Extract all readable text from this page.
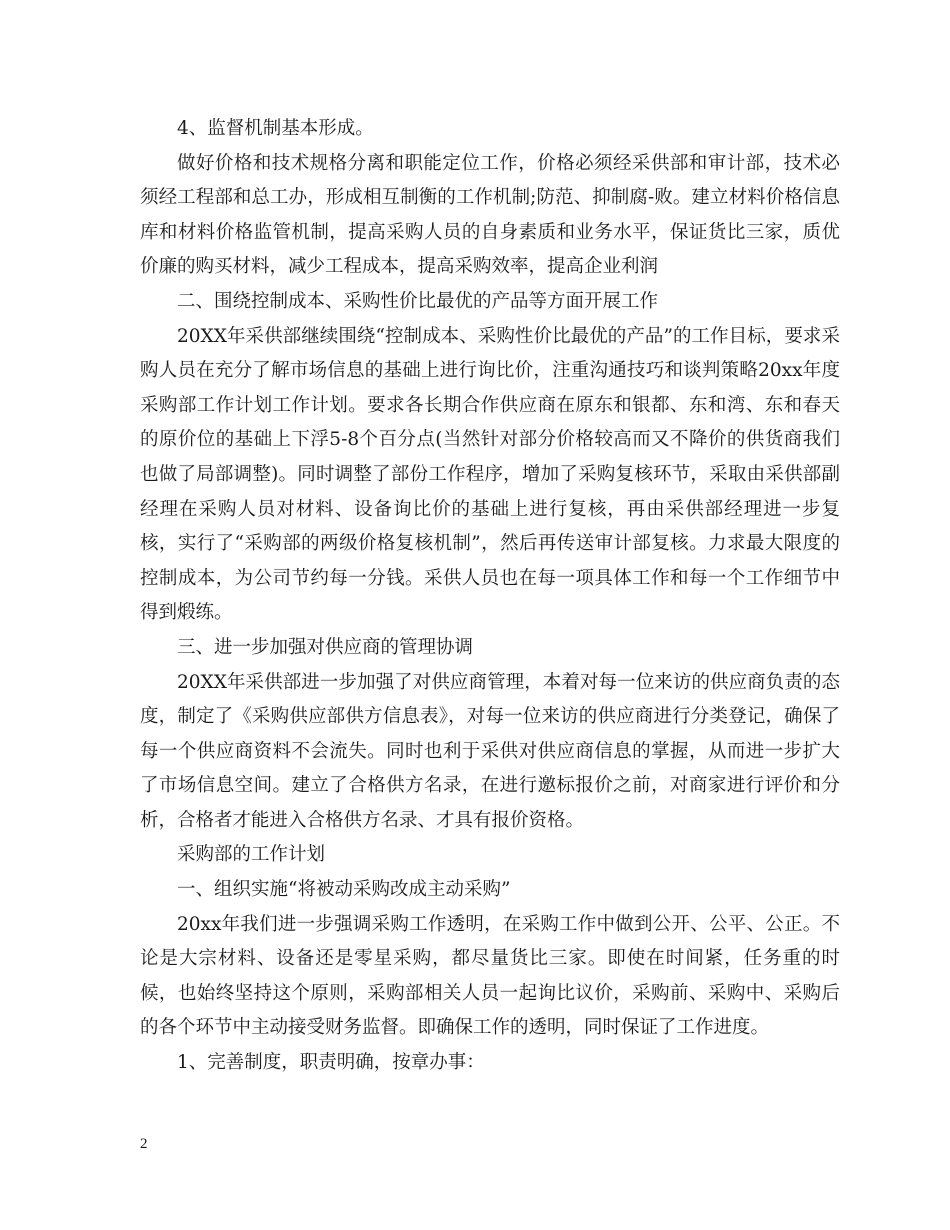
4、监督机制基本形成。

做好价格和技术规格分离和职能定位工作，价格必须经采供部和审计部，技术必须经工程部和总工办，形成相互制衡的工作机制;防范、抑制腐-败。建立材料价格信息库和材料价格监管机制，提高采购人员的自身素质和业务水平，保证货比三家，质优价廉的购买材料，减少工程成本，提高采购效率，提高企业利润

二、围绕控制成本、采购性价比最优的产品等方面开展工作

20XX年采供部继续围绕“控制成本、采购性价比最优的产品”的工作目标，要求采购人员在充分了解市场信息的基础上进行询比价，注重沟通技巧和谈判策略20xx年度采购部工作计划工作计划。要求各长期合作供应商在原东和银都、东和湾、东和春天的原价位的基础上下浮5-8个百分点(当然针对部分价格较高而又不降价的供货商我们也做了局部调整)。同时调整了部份工作程序，增加了采购复核环节，采取由采供部副经理在采购人员对材料、设备询比价的基础上进行复核，再由采供部经理进一步复核，实行了“采购部的两级价格复核机制”，然后再传送审计部复核。力求最大限度的控制成本，为公司节约每一分钱。采供人员也在每一项具体工作和每一个工作细节中得到煅练。

三、进一步加强对供应商的管理协调

20XX年采供部进一步加强了对供应商管理，本着对每一位来访的供应商负责的态度，制定了《采购供应部供方信息表》，对每一位来访的供应商进行分类登记，确保了每一个供应商资料不会流失。同时也利于采供对供应商信息的掌握，从而进一步扩大了市场信息空间。建立了合格供方名录，在进行邀标报价之前，对商家进行评价和分析，合格者才能进入合格供方名录、才具有报价资格。

采购部的工作计划

一、组织实施“将被动采购改成主动采购”

20xx年我们进一步强调采购工作透明，在采购工作中做到公开、公平、公正。不论是大宗材料、设备还是零星采购，都尽量货比三家。即使在时间紧，任务重的时候，也始终坚持这个原则，采购部相关人员一起询比议价，采购前、采购中、采购后的各个环节中主动接受财务监督。即确保工作的透明，同时保证了工作进度。

1、完善制度，职责明确，按章办事：

2
